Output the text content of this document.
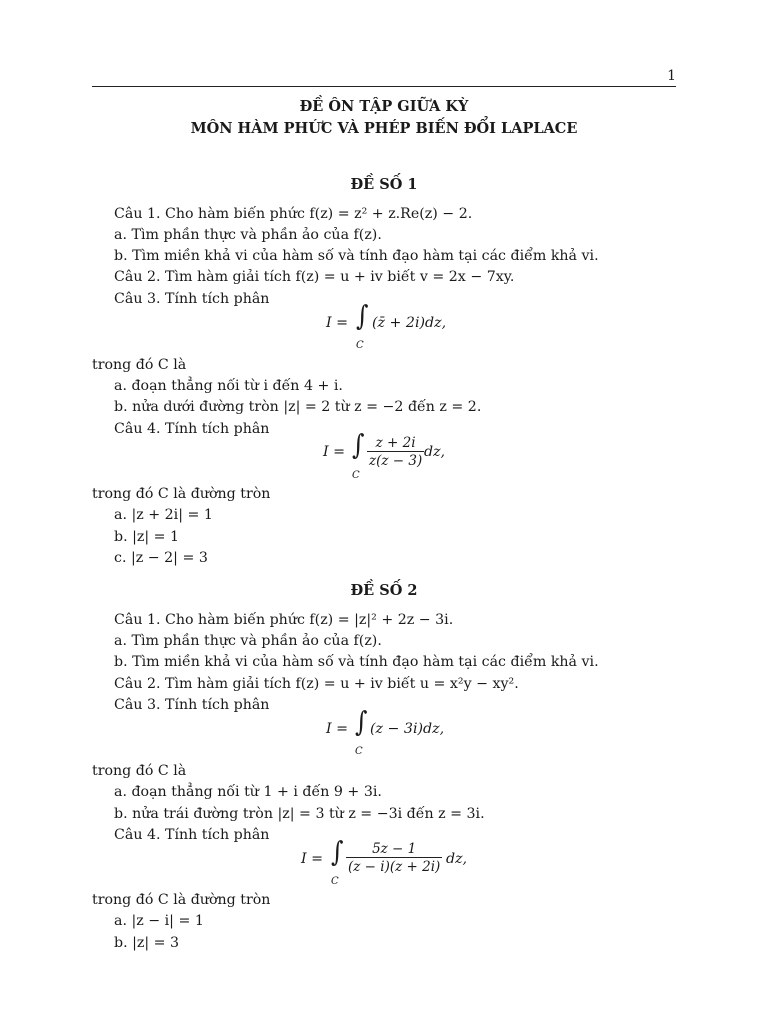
1
ĐỀ ÔN TẬP GIỮA KỲ
MÔN HÀM PHỨC VÀ PHÉP BIẾN ĐỔI LAPLACE
ĐỀ SỐ 1
Câu 1. Cho hàm biến phức f(z) = z² + z.Re(z) − 2.
a. Tìm phần thực và phần ảo của f(z).
b. Tìm miền khả vi của hàm số và tính đạo hàm tại các điểm khả vi.
Câu 2. Tìm hàm giải tích f(z) = u + iv biết v = 2x − 7xy.
Câu 3. Tính tích phân
I = ∫ (z̄ + 2i)dz,
C
trong đó C là
a. đoạn thẳng nối từ i đến 4 + i.
b. nửa dưới đường tròn |z| = 2 từ z = −2 đến z = 2.
Câu 4. Tính tích phân
I = ∫ $\frac{z + 2i}{z(z - 3)}$ dz,
C
trong đó C là đường tròn
a. |z + 2i| = 1
b. |z| = 1
c. |z − 2| = 3
ĐỀ SỐ 2
Câu 1. Cho hàm biến phức f(z) = |z|² + 2z − 3i.
a. Tìm phần thực và phần ảo của f(z).
b. Tìm miền khả vi của hàm số và tính đạo hàm tại các điểm khả vi.
Câu 2. Tìm hàm giải tích f(z) = u + iv biết u = x²y − xy².
Câu 3. Tính tích phân
I = ∫ (z − 3i)dz,
C
trong đó C là
a. đoạn thẳng nối từ 1 + i đến 9 + 3i.
b. nửa trái đường tròn |z| = 3 từ z = −3i đến z = 3i.
Câu 4. Tính tích phân
I = ∫ $\frac{5z - 1}{(z - i)(z + 2i)}$ dz,
C
trong đó C là đường tròn
a. |z − i| = 1
b. |z| = 3
